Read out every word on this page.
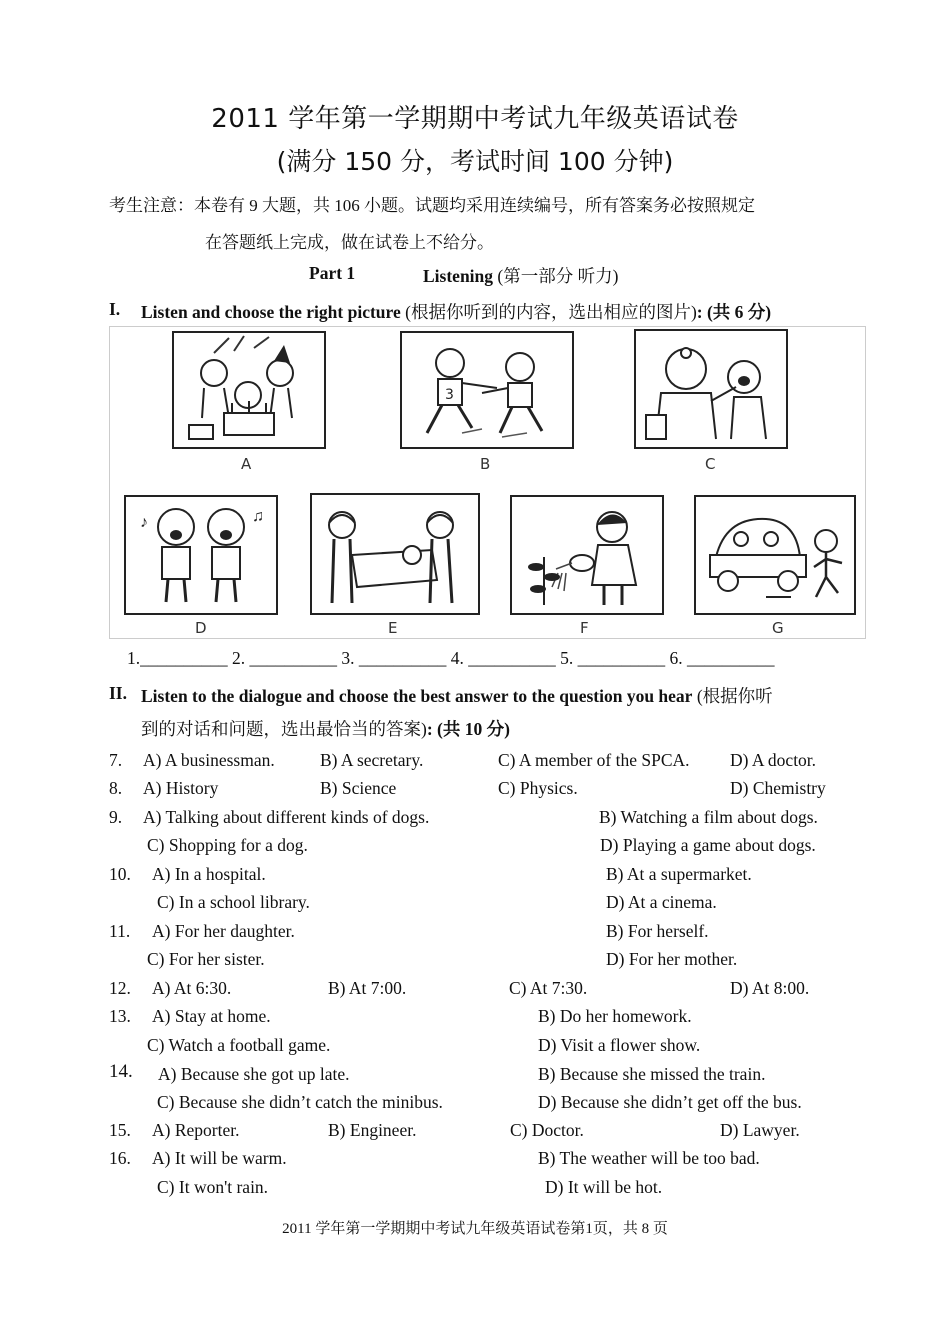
2011 学年第一学期期中考试九年级英语试卷
(满分 150 分，考试时间 100 分钟)
考生注意：本卷有 9 大题，共 106 小题。试题均采用连续编号，所有答案务必按照规定
在答题纸上完成，做在试卷上不给分。
Part 1	Listening (第一部分 听力)
I. Listen and choose the right picture (根据你听到的内容，选出相应的图片): (共 6 分)
A
3
B	C
♪	♫
D	E	F	G
1.__________ 2. __________ 3. __________ 4. __________ 5. __________ 6. __________
II. Listen to the dialogue and choose the best answer to the question you hear (根据你听
到的对话和问题，选出最恰当的答案): (共 10 分)
7. A) A businessman.	B) A secretary.	C) A member of the SPCA. D) A doctor.
8. A) History	B) Science	C) Physics.	D) Chemistry
9. A) Talking about different kinds of dogs.	B) Watching a film about dogs.
C) Shopping for a dog.	D) Playing a game about dogs.
10. A) In a hospital.	B) At a supermarket.
C) In a school library.	D) At a cinema.
11. A) For her daughter.	B) For herself.
C) For her sister.	D) For her mother.
12. A) At 6:30.	B) At 7:00.	C) At 7:30.	D) At 8:00.
13. A) Stay at home.	B) Do her homework.
C) Watch a football game.	D) Visit a flower show.
14. A) Because she got up late.	B) Because she missed the train.
C) Because she didn’t catch the minibus.	D) Because she didn’t get off the bus.
15. A) Reporter.	B) Engineer.	C) Doctor.	D) Lawyer.
16. A) It will be warm.	B) The weather will be too bad.
C) It won't rain.	D) It will be hot.
2011 学年第一学期期中考试九年级英语试卷第1页，共 8 页
